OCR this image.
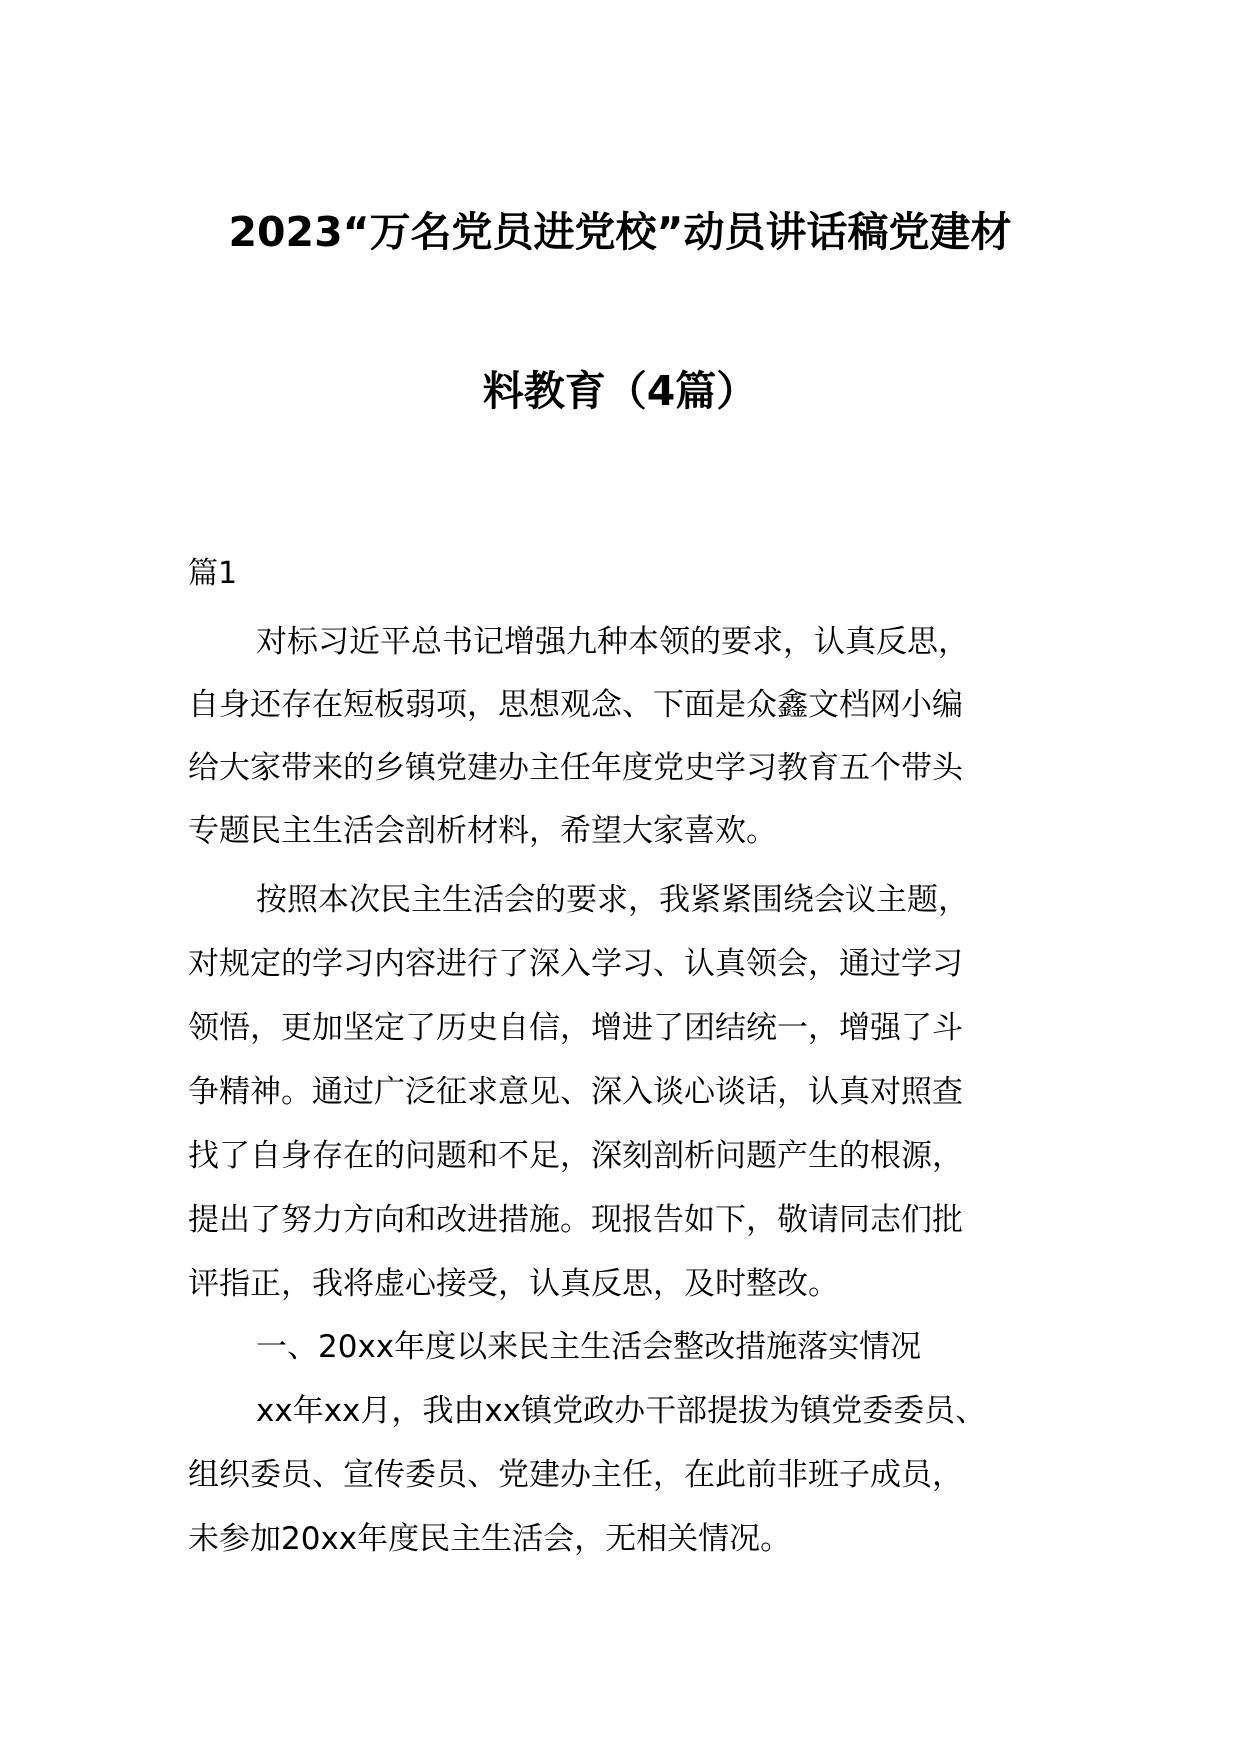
2023“万名党员进党校”动员讲话稿党建材
料教育（4篇）
篇1
对标习近平总书记增强九种本领的要求，认真反思，
自身还存在短板弱项，思想观念、下面是众鑫文档网小编
给大家带来的乡镇党建办主任年度党史学习教育五个带头
专题民主生活会剖析材料，希望大家喜欢。
按照本次民主生活会的要求，我紧紧围绕会议主题，
对规定的学习内容进行了深入学习、认真领会，通过学习
领悟，更加坚定了历史自信，增进了团结统一，增强了斗
争精神。通过广泛征求意见、深入谈心谈话，认真对照查
找了自身存在的问题和不足，深刻剖析问题产生的根源，
提出了努力方向和改进措施。现报告如下，敬请同志们批
评指正，我将虚心接受，认真反思，及时整改。
一、20xx年度以来民主生活会整改措施落实情况
xx年xx月，我由xx镇党政办干部提拔为镇党委委员、
组织委员、宣传委员、党建办主任，在此前非班子成员，
未参加20xx年度民主生活会，无相关情况。
